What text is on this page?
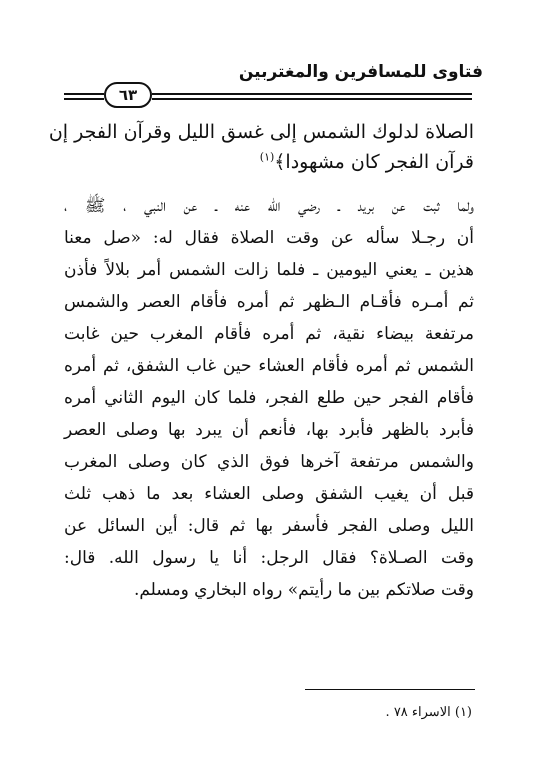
فتاوى للمسافرين والمغتربين
٦٣
الصلاة لدلوك الشمس إلى غسق الليل وقرآن الفجر إن
قرآن الفجر كان مشهودا﴾$^{(١)}$
ولما ثبت عن بريد ـ رضي الله عنه ـ عن النبي ، ﷺ ،
أن رجـلا سأله عن وقت الصلاة فقال له: «صل معنا
هذين ـ يعني اليومين ـ فلما زالت الشمس أمر بلالاً فأذن
ثم أمـره فأقـام الـظهر ثم أمره فأقام العصر والشمس
مرتفعة بيضاء نقية، ثم أمره فأقام المغرب حين غابت
الشمس ثم أمره فأقام العشاء حين غاب الشفق، ثم أمره
فأقام الفجر حين طلع الفجر، فلما كان اليوم الثاني أمره
فأبرد بالظهر فأبرد بها، فأنعم أن يبرد بها وصلى العصر
والشمس مرتفعة آخرها فوق الذي كان وصلى المغرب
قبل أن يغيب الشفق وصلى العشاء بعد ما ذهب ثلث
الليل وصلى الفجر فأسفر بها ثم قال: أين السائل عن
وقت الصـلاة؟ فقال الرجل: أنا يا رسول الله. قال:
وقت صلاتكم بين ما رأيتم» رواه البخاري ومسلم.
(١) الاسراء ٧٨ .
